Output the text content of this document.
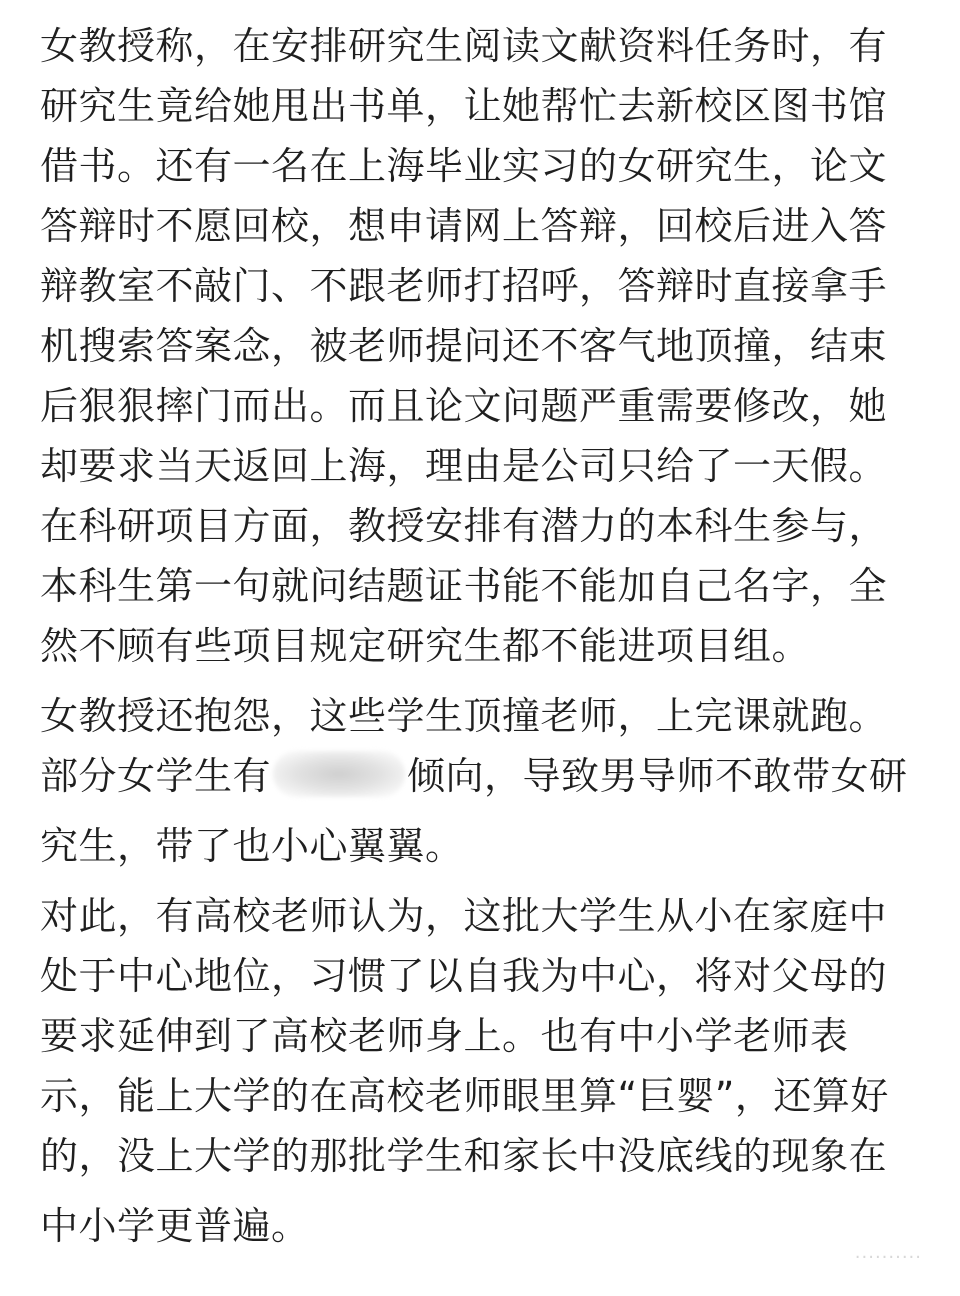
女教授称，在安排研究生阅读文献资料任务时，有
研究生竟给她甩出书单，让她帮忙去新校区图书馆
借书。还有一名在上海毕业实习的女研究生，论文
答辩时不愿回校，想申请网上答辩，回校后进入答
辩教室不敲门、不跟老师打招呼，答辩时直接拿手
机搜索答案念，被老师提问还不客气地顶撞，结束
后狠狠摔门而出。而且论文问题严重需要修改，她
却要求当天返回上海，理由是公司只给了一天假。
在科研项目方面，教授安排有潜力的本科生参与，
本科生第一句就问结题证书能不能加自己名字，全
然不顾有些项目规定研究生都不能进项目组。
女教授还抱怨，这些学生顶撞老师，上完课就跑。
部分女学生有	倾向，导致男导师不敢带女研
究生，带了也小心翼翼。
对此，有高校老师认为，这批大学生从小在家庭中
处于中心地位，习惯了以自我为中心，将对父母的
要求延伸到了高校老师身上。也有中小学老师表
示，能上大学的在高校老师眼里算“巨婴”，还算好
的，没上大学的那批学生和家长中没底线的现象在
中小学更普遍。
··········
